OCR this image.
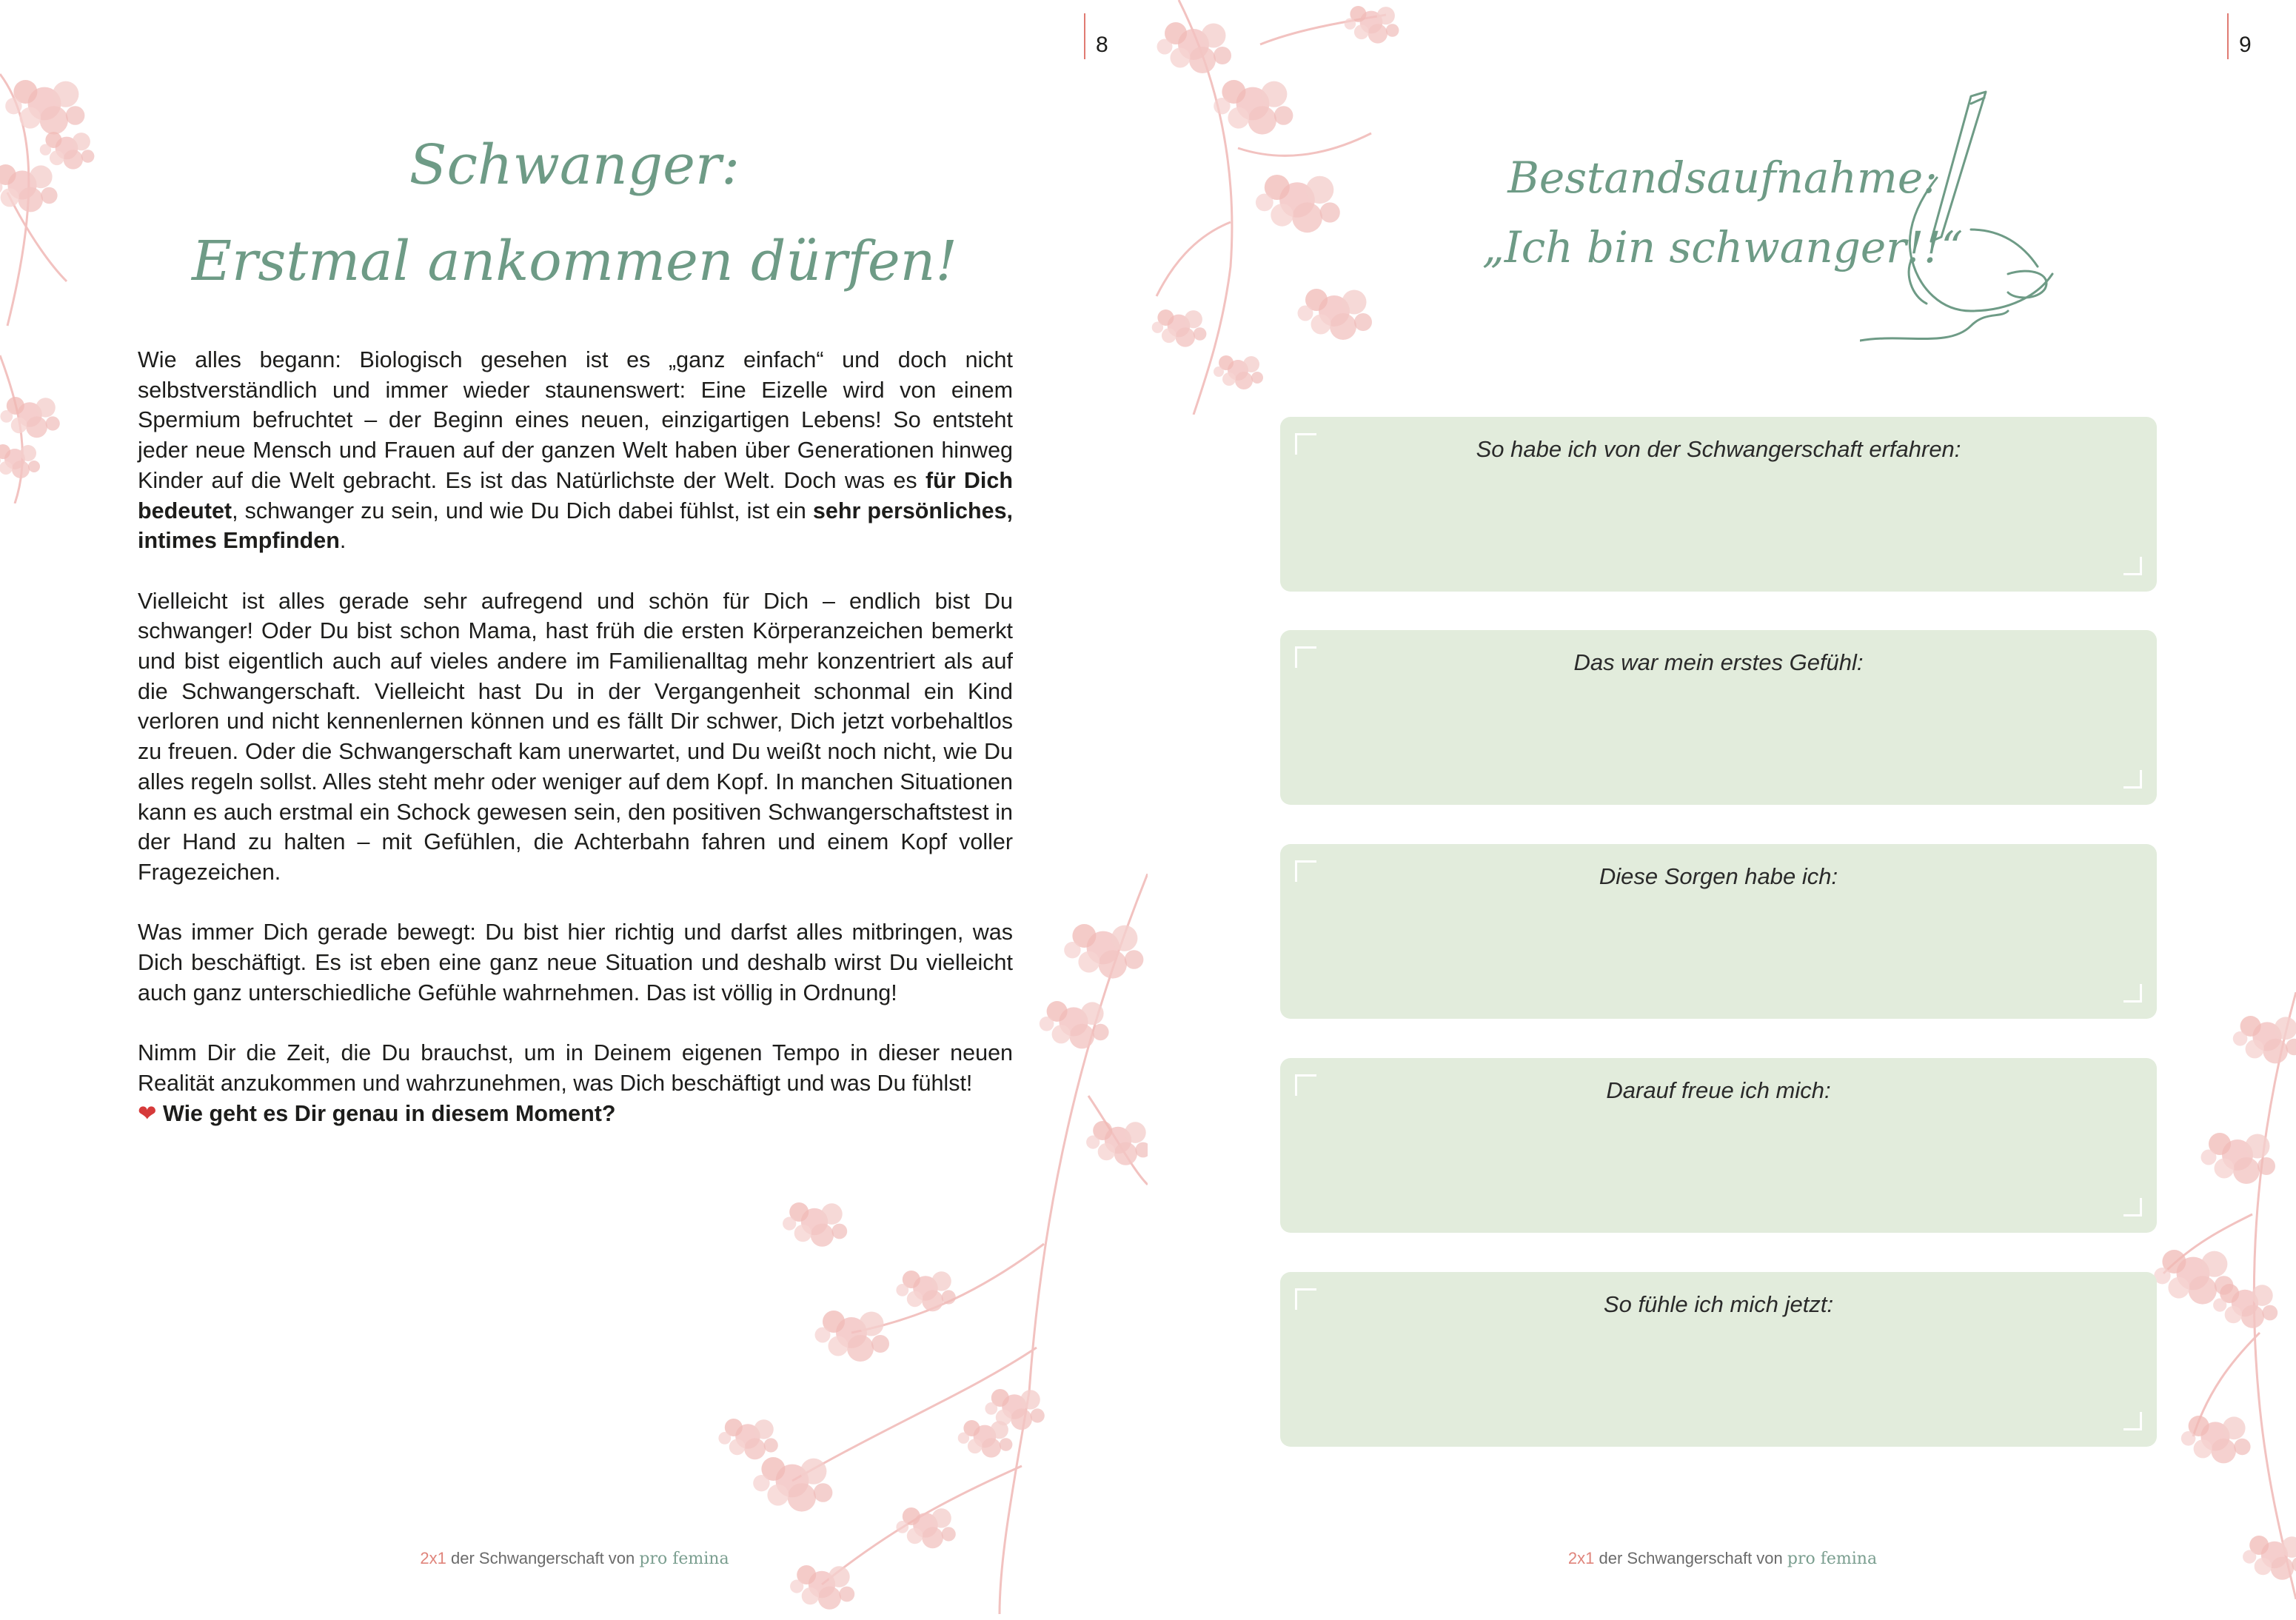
8
Schwanger:
Erstmal ankommen dürfen!

Wie alles begann: Biologisch gesehen ist es „ganz einfach“ und doch nicht selbstverständlich und immer wieder staunenswert: Eine Eizelle wird von einem Spermium befruchtet – der Beginn eines neuen, einzigartigen Lebens! So entsteht jeder neue Mensch und Frauen auf der ganzen Welt haben über Generationen hinweg Kinder auf die Welt gebracht. Es ist das Natürlichste der Welt. Doch was es für Dich bedeutet, schwanger zu sein, und wie Du Dich dabei fühlst, ist ein sehr persönliches, intimes Empfinden.

Vielleicht ist alles gerade sehr aufregend und schön für Dich – endlich bist Du schwanger! Oder Du bist schon Mama, hast früh die ersten Körperanzeichen bemerkt und bist eigentlich auch auf vieles andere im Familienalltag mehr konzentriert als auf die Schwangerschaft. Vielleicht hast Du in der Vergangenheit schonmal ein Kind verloren und nicht kennenlernen können und es fällt Dir schwer, Dich jetzt vorbehaltlos zu freuen. Oder die Schwangerschaft kam unerwartet, und Du weißt noch nicht, wie Du alles regeln sollst. Alles steht mehr oder weniger auf dem Kopf. In manchen Situationen kann es auch erstmal ein Schock gewesen sein, den positiven Schwangerschaftstest in der Hand zu halten – mit Gefühlen, die Achterbahn fahren und einem Kopf voller Fragezeichen.

Was immer Dich gerade bewegt: Du bist hier richtig und darfst alles mitbringen, was Dich beschäftigt. Es ist eben eine ganz neue Situation und deshalb wirst Du vielleicht auch ganz unterschiedliche Gefühle wahrnehmen. Das ist völlig in Ordnung!

Nimm Dir die Zeit, die Du brauchst, um in Deinem eigenen Tempo in dieser neuen Realität anzukommen und wahrzunehmen, was Dich beschäftigt und was Du fühlst!
❤ Wie geht es Dir genau in diesem Moment?

2x1 der Schwangerschaft von pro femina
9
Bestandsaufnahme:
„Ich bin schwanger!!“
So habe ich von der Schwangerschaft erfahren:
Das war mein erstes Gefühl:
Diese Sorgen habe ich:
Darauf freue ich mich:
So fühle ich mich jetzt:
2x1 der Schwangerschaft von pro femina
